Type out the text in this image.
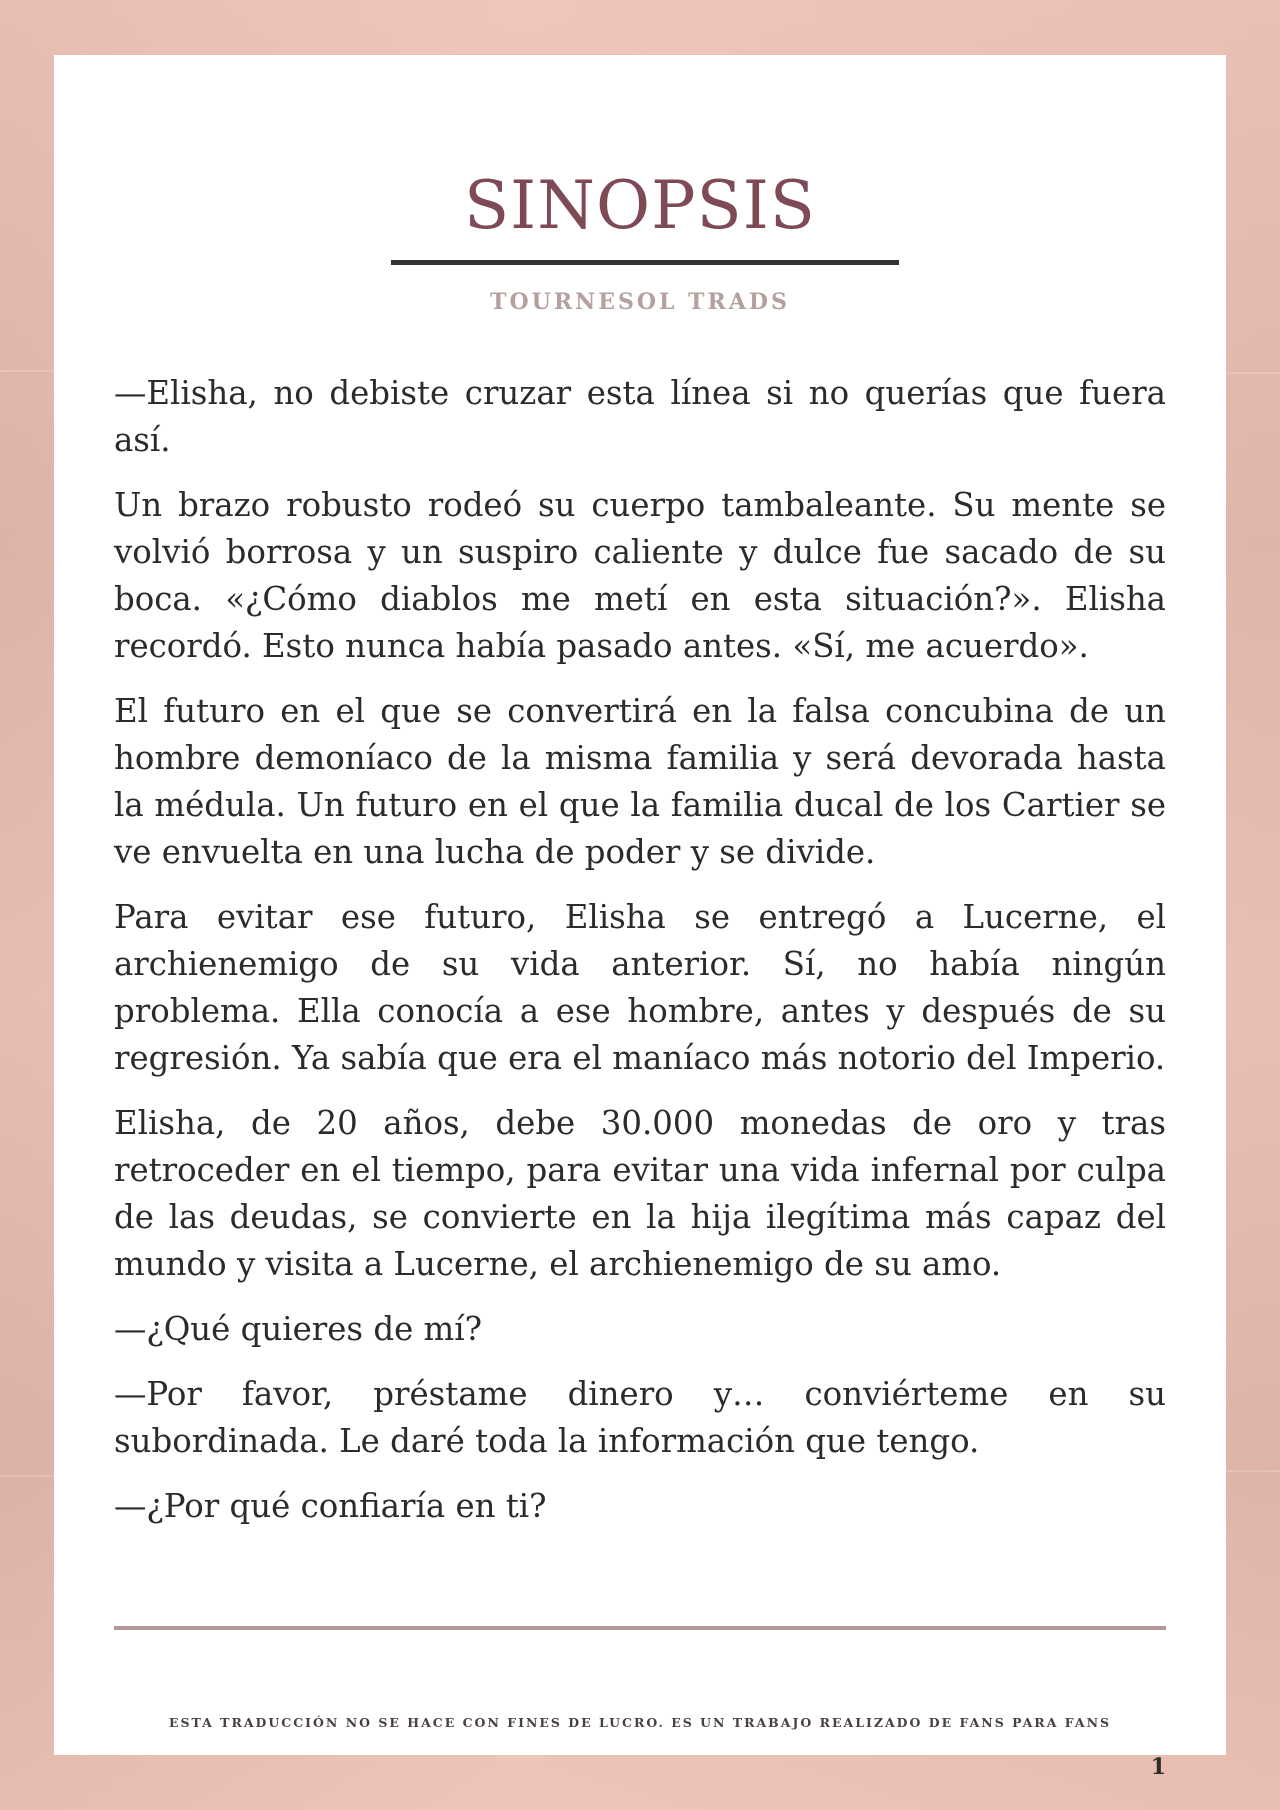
SINOPSIS
TOURNESOL TRADS

—Elisha, no debiste cruzar esta línea si no querías que fuera así.

Un brazo robusto rodeó su cuerpo tambaleante. Su mente se volvió borrosa y un suspiro caliente y dulce fue sacado de su boca. «¿Cómo diablos me metí en esta situación?». Elisha recordó. Esto nunca había pasado antes. «Sí, me acuerdo».

El futuro en el que se convertirá en la falsa concubina de un hombre demoníaco de la misma familia y será devorada hasta la médula. Un futuro en el que la familia ducal de los Cartier se ve envuelta en una lucha de poder y se divide.

Para evitar ese futuro, Elisha se entregó a Lucerne, el archienemigo de su vida anterior. Sí, no había ningún problema. Ella conocía a ese hombre, antes y después de su regresión. Ya sabía que era el maníaco más notorio del Imperio.

Elisha, de 20 años, debe 30.000 monedas de oro y tras retroceder en el tiempo, para evitar una vida infernal por culpa de las deudas, se convierte en la hija ilegítima más capaz del mundo y visita a Lucerne, el archienemigo de su amo.

—¿Qué quieres de mí?

—Por favor, préstame dinero y… conviérteme en su subordinada. Le daré toda la información que tengo.

—¿Por qué confiaría en ti?

ESTA TRADUCCIÓN NO SE HACE CON FINES DE LUCRO. ES UN TRABAJO REALIZADO DE FANS PARA FANS
1
